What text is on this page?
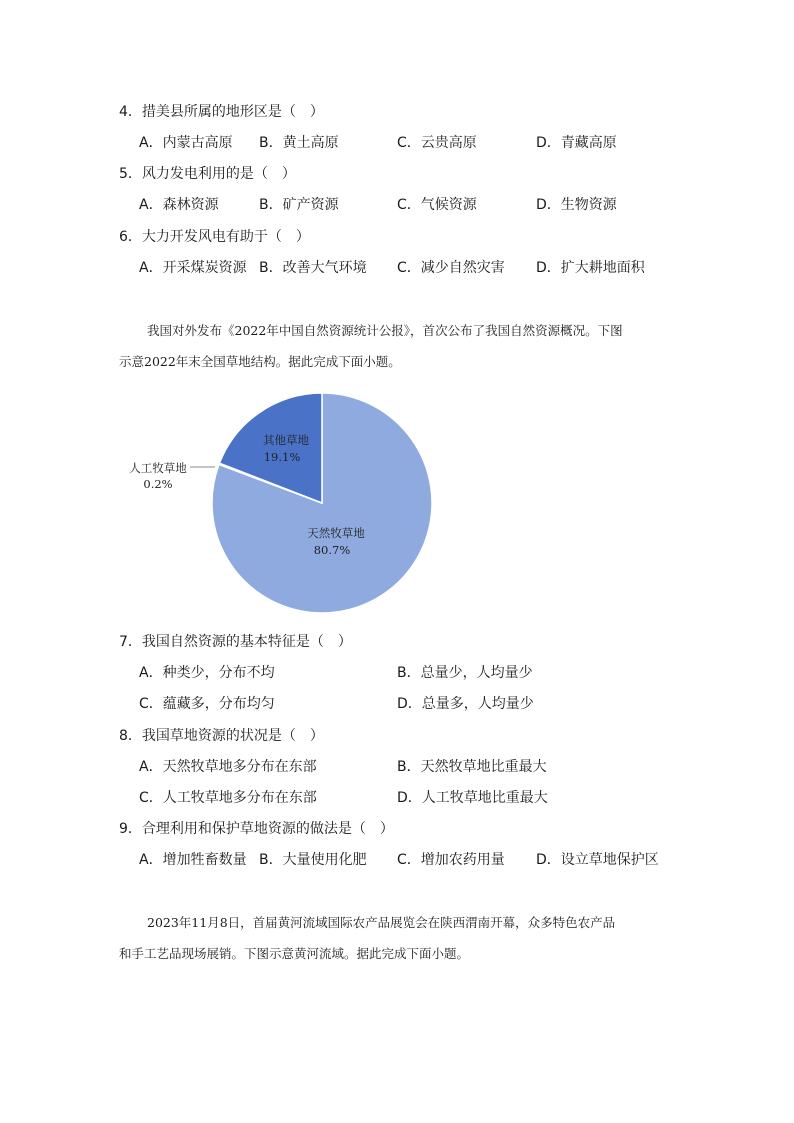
4．措美县所属的地形区是（　）
A．内蒙古高原 B．黄土高原	C．云贵高原	D．青藏高原
5．风力发电利用的是（　）
A．森林资源	B．矿产资源	C．气候资源	D．生物资源
6．大力开发风电有助于（　）
A．开采煤炭资源 B．改善大气环境 C．减少自然灾害 D．扩大耕地面积
我国对外发布《2022年中国自然资源统计公报》，首次公布了我国自然资源概况。下图
示意2022年末全国草地结构。据此完成下面小题。
其他草地
19.1%
人工牧草地
0.2%
天然牧草地
80.7%
7．我国自然资源的基本特征是（　）
A．种类少，分布不均	B．总量少，人均量少
C．蕴藏多，分布均匀	D．总量多，人均量少
8．我国草地资源的状况是（　）
A．天然牧草地多分布在东部	B．天然牧草地比重最大
C．人工牧草地多分布在东部	D．人工牧草地比重最大
9．合理利用和保护草地资源的做法是（　）
A．增加牲畜数量 B．大量使用化肥 C．增加农药用量 D．设立草地保护区
2023年11月8日，首届黄河流域国际农产品展览会在陕西渭南开幕，众多特色农产品
和手工艺品现场展销。下图示意黄河流域。据此完成下面小题。
